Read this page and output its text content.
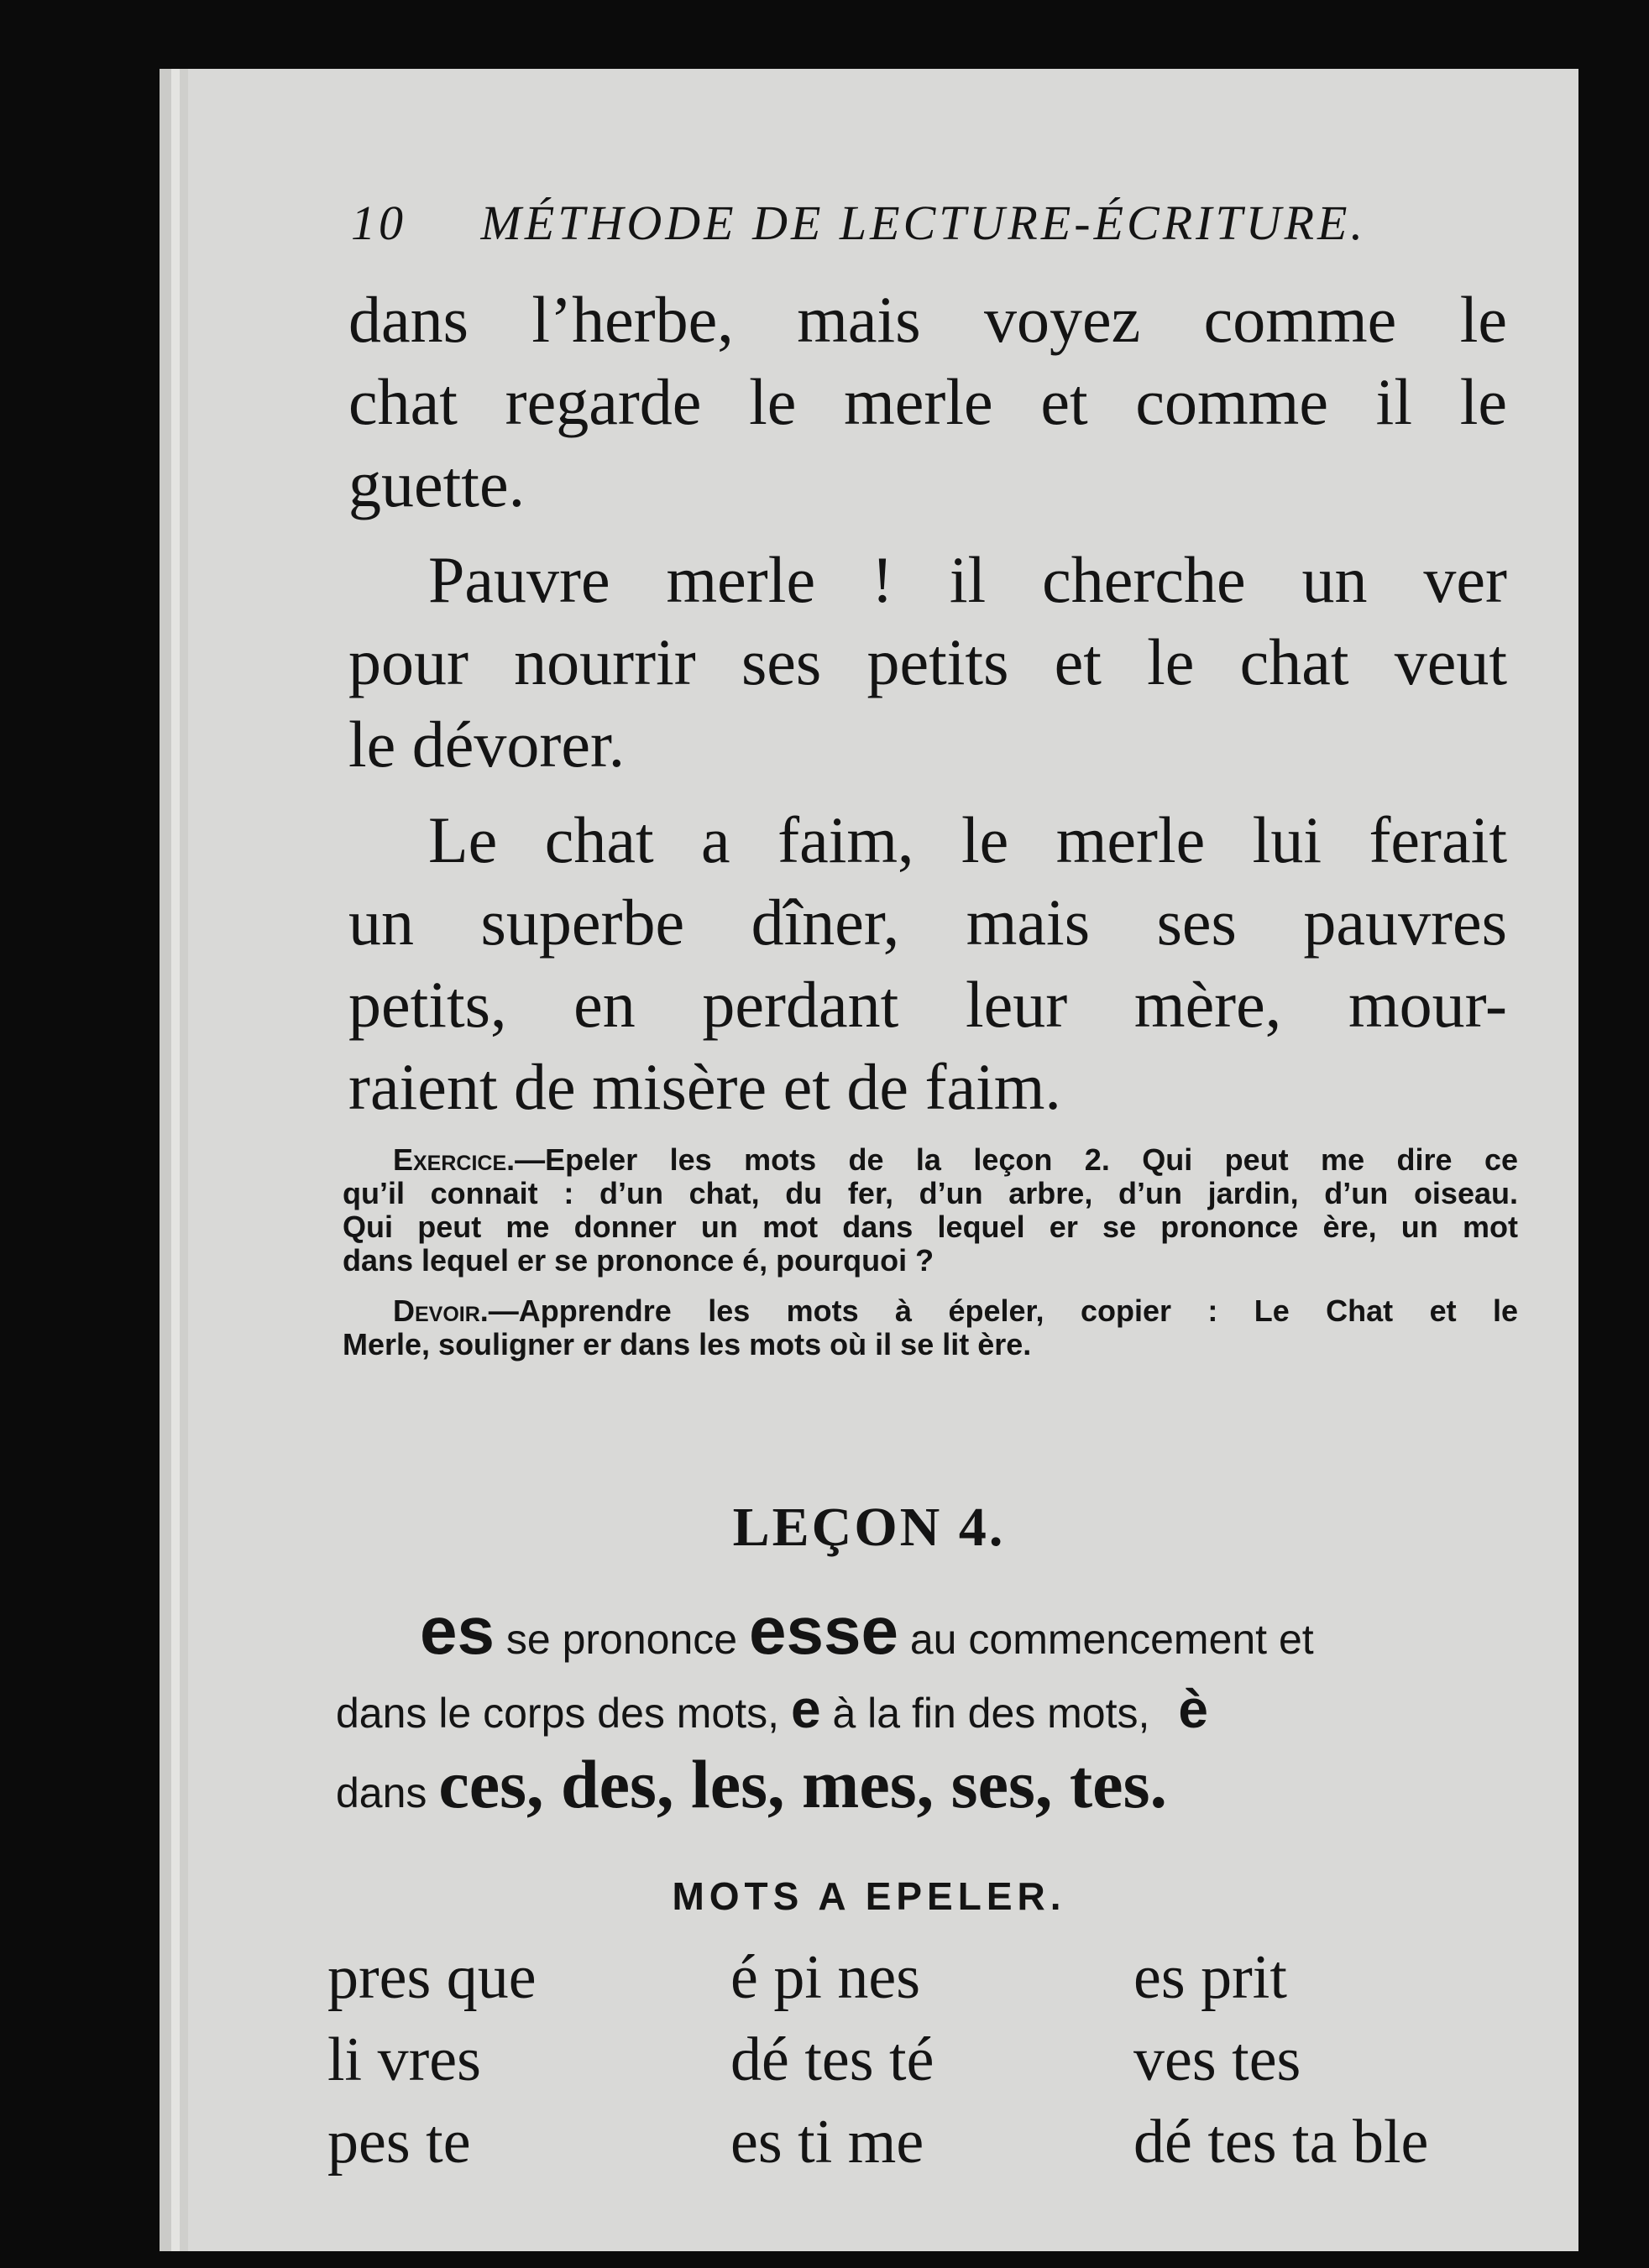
10 MÉTHODE DE LECTURE-ÉCRITURE.
dans l’herbe, mais voyez comme le
chat regarde le merle et comme il le
guette.
Pauvre merle ! il cherche un ver
pour nourrir ses petits et le chat veut
le dévorer.
Le chat a faim, le merle lui ferait
un superbe dîner, mais ses pauvres
petits, en perdant leur mère, mour-
raient de misère et de faim.
Exercice.—Epeler les mots de la leçon 2. Qui peut me dire ce
qu’il connait : d’un chat, du fer, d’un arbre, d’un jardin, d’un oiseau.
Qui peut me donner un mot dans lequel er se prononce ère, un mot
dans lequel er se prononce é, pourquoi ?
Devoir.—Apprendre les mots à épeler, copier : Le Chat et le
Merle, souligner er dans les mots où il se lit ère.
LEÇON 4.
es se prononce esse au commencement et
dans le corps des mots, e à la fin des mots, è
dans ces, des, les, mes, ses, tes.
MOTS A EPELER.
pres que
li vres
pes te
é pi nes
dé tes té
es ti me
es prit
ves tes
dé tes ta ble
